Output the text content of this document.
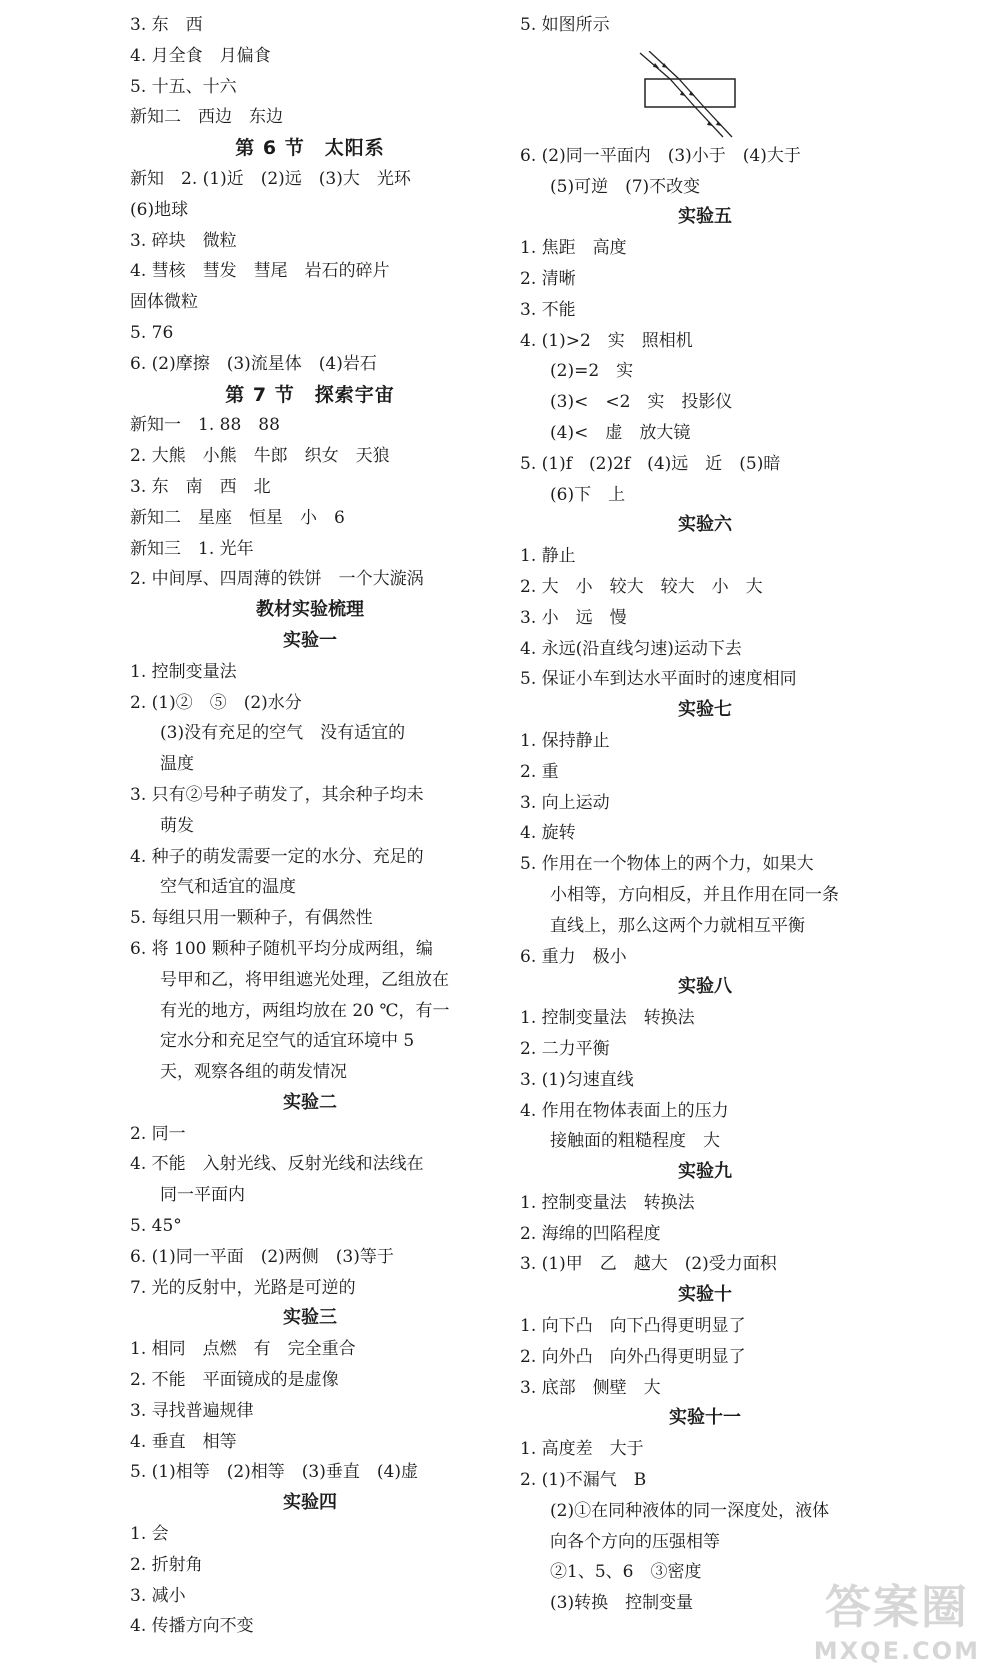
3. 东　西
4. 月全食　月偏食
5. 十五、十六
新知二　西边　东边
第 6 节　太阳系
新知　2. (1)近　(2)远　(3)大　光环
(6)地球
3. 碎块　微粒
4. 彗核　彗发　彗尾　岩石的碎片
固体微粒
5. 76
6. (2)摩擦　(3)流星体　(4)岩石
第 7 节　探索宇宙
新知一　1. 88　88
2. 大熊　小熊　牛郎　织女　天狼
3. 东　南　西　北
新知二　星座　恒星　小　6
新知三　1. 光年
2. 中间厚、四周薄的铁饼　一个大漩涡
教材实验梳理
实验一
1. 控制变量法
2. (1)②　⑤　(2)水分
(3)没有充足的空气　没有适宜的
温度
3. 只有②号种子萌发了，其余种子均未
萌发
4. 种子的萌发需要一定的水分、充足的
空气和适宜的温度
5. 每组只用一颗种子，有偶然性
6. 将 100 颗种子随机平均分成两组，编
号甲和乙，将甲组遮光处理，乙组放在
有光的地方，两组均放在 20 ℃，有一
定水分和充足空气的适宜环境中 5
天，观察各组的萌发情况
实验二
2. 同一
4. 不能　入射光线、反射光线和法线在
同一平面内
5. 45°
6. (1)同一平面　(2)两侧　(3)等于
7. 光的反射中，光路是可逆的
实验三
1. 相同　点燃　有　完全重合
2. 不能　平面镜成的是虚像
3. 寻找普遍规律
4. 垂直　相等
5. (1)相等　(2)相等　(3)垂直　(4)虚
实验四
1. 会
2. 折射角
3. 减小
4. 传播方向不变
5. 如图所示
6. (2)同一平面内　(3)小于　(4)大于
(5)可逆　(7)不改变
实验五
1. 焦距　高度
2. 清晰
3. 不能
4. (1)>2　实　照相机
(2)=2　实
(3)<　<2　实　投影仪
(4)<　虚　放大镜
5. (1)f　(2)2f　(4)远　近　(5)暗
(6)下　上
实验六
1. 静止
2. 大　小　较大　较大　小　大
3. 小　远　慢
4. 永远(沿直线匀速)运动下去
5. 保证小车到达水平面时的速度相同
实验七
1. 保持静止
2. 重
3. 向上运动
4. 旋转
5. 作用在一个物体上的两个力，如果大
小相等，方向相反，并且作用在同一条
直线上，那么这两个力就相互平衡
6. 重力　极小
实验八
1. 控制变量法　转换法
2. 二力平衡
3. (1)匀速直线
4. 作用在物体表面上的压力
接触面的粗糙程度　大
实验九
1. 控制变量法　转换法
2. 海绵的凹陷程度
3. (1)甲　乙　越大　(2)受力面积
实验十
1. 向下凸　向下凸得更明显了
2. 向外凸　向外凸得更明显了
3. 底部　侧壁　大
实验十一
1. 高度差　大于
2. (1)不漏气　B
(2)①在同种液体的同一深度处，液体
向各个方向的压强相等
②1、5、6　③密度
(3)转换　控制变量	答案圈
MXQE.COM
